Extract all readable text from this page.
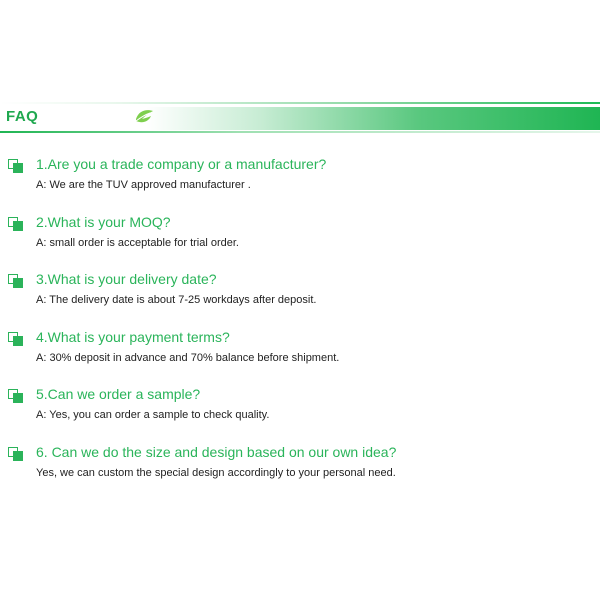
FAQ
1.Are you a trade company or a manufacturer?
A: We are the TUV approved manufacturer .
2.What is your MOQ?
A: small order is acceptable for trial order.
3.What is your delivery date?
A: The delivery date is about 7-25 workdays after deposit.
4.What is your payment terms?
A: 30% deposit in advance and 70% balance before shipment.
5.Can we order a sample?
A: Yes, you can order a sample to check quality.
6. Can we do the size and design based on our own idea?
Yes, we can custom the special design accordingly to your personal need.
